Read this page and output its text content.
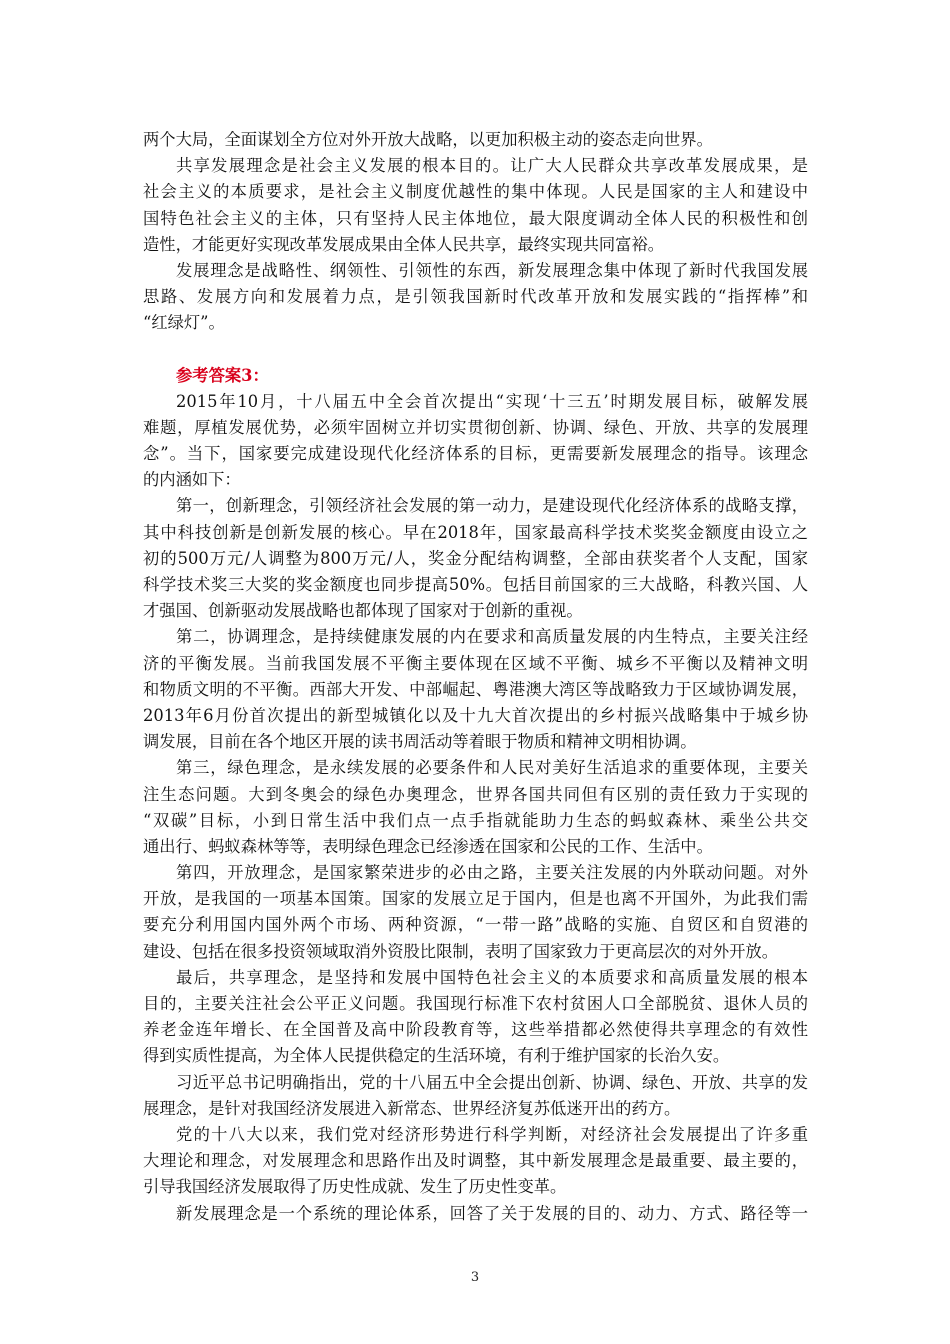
两个大局，全面谋划全方位对外开放大战略，以更加积极主动的姿态走向世界。
共享发展理念是社会主义发展的根本目的。让广大人民群众共享改革发展成果，是
社会主义的本质要求，是社会主义制度优越性的集中体现。人民是国家的主人和建设中
国特色社会主义的主体，只有坚持人民主体地位，最大限度调动全体人民的积极性和创
造性，才能更好实现改革发展成果由全体人民共享，最终实现共同富裕。
发展理念是战略性、纲领性、引领性的东西，新发展理念集中体现了新时代我国发展
思路、发展方向和发展着力点，是引领我国新时代改革开放和发展实践的“指挥棒”和
“红绿灯”。
参考答案3：
2015年10月，十八届五中全会首次提出“实现‘十三五’时期发展目标，破解发展
难题，厚植发展优势，必须牢固树立并切实贯彻创新、协调、绿色、开放、共享的发展理
念”。当下，国家要完成建设现代化经济体系的目标，更需要新发展理念的指导。该理念
的内涵如下：
第一，创新理念，引领经济社会发展的第一动力，是建设现代化经济体系的战略支撑，
其中科技创新是创新发展的核心。早在2018年，国家最高科学技术奖奖金额度由设立之
初的500万元/人调整为800万元/人，奖金分配结构调整，全部由获奖者个人支配，国家
科学技术奖三大奖的奖金额度也同步提高50%。包括目前国家的三大战略，科教兴国、人
才强国、创新驱动发展战略也都体现了国家对于创新的重视。
第二，协调理念，是持续健康发展的内在要求和高质量发展的内生特点，主要关注经
济的平衡发展。当前我国发展不平衡主要体现在区域不平衡、城乡不平衡以及精神文明
和物质文明的不平衡。西部大开发、中部崛起、粤港澳大湾区等战略致力于区域协调发展，
2013年6月份首次提出的新型城镇化以及十九大首次提出的乡村振兴战略集中于城乡协
调发展，目前在各个地区开展的读书周活动等着眼于物质和精神文明相协调。
第三，绿色理念，是永续发展的必要条件和人民对美好生活追求的重要体现，主要关
注生态问题。大到冬奥会的绿色办奥理念，世界各国共同但有区别的责任致力于实现的
“双碳”目标，小到日常生活中我们点一点手指就能助力生态的蚂蚁森林、乘坐公共交
通出行、蚂蚁森林等等，表明绿色理念已经渗透在国家和公民的工作、生活中。
第四，开放理念，是国家繁荣进步的必由之路，主要关注发展的内外联动问题。对外
开放，是我国的一项基本国策。国家的发展立足于国内，但是也离不开国外，为此我们需
要充分利用国内国外两个市场、两种资源，“一带一路”战略的实施、自贸区和自贸港的
建设、包括在很多投资领域取消外资股比限制，表明了国家致力于更高层次的对外开放。
最后，共享理念，是坚持和发展中国特色社会主义的本质要求和高质量发展的根本
目的，主要关注社会公平正义问题。我国现行标准下农村贫困人口全部脱贫、退休人员的
养老金连年增长、在全国普及高中阶段教育等，这些举措都必然使得共享理念的有效性
得到实质性提高，为全体人民提供稳定的生活环境，有利于维护国家的长治久安。
习近平总书记明确指出，党的十八届五中全会提出创新、协调、绿色、开放、共享的发
展理念，是针对我国经济发展进入新常态、世界经济复苏低迷开出的药方。
党的十八大以来，我们党对经济形势进行科学判断，对经济社会发展提出了许多重
大理论和理念，对发展理念和思路作出及时调整，其中新发展理念是最重要、最主要的，
引导我国经济发展取得了历史性成就、发生了历史性变革。
新发展理念是一个系统的理论体系，回答了关于发展的目的、动力、方式、路径等一
3
